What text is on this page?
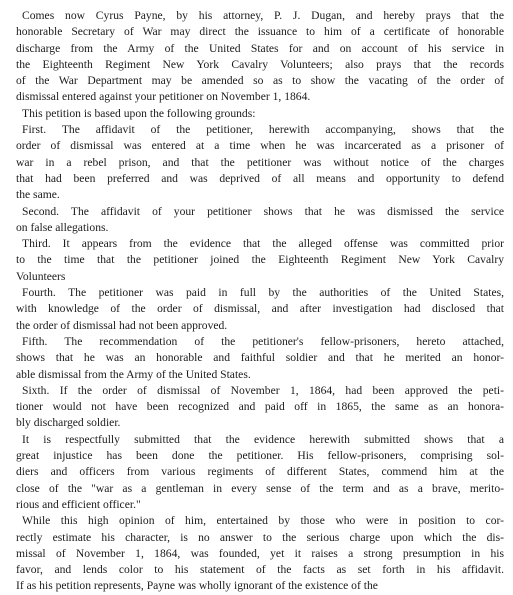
Comes now Cyrus Payne, by his attorney, P. J. Dugan, and hereby prays that the
honorable Secretary of War may direct the issuance to him of a certificate of honorable
discharge from the Army of the United States for and on account of his service in
the Eighteenth Regiment New York Cavalry Volunteers; also prays that the records
of the War Department may be amended so as to show the vacating of the order of
dismissal entered against your petitioner on November 1, 1864.
This petition is based upon the following grounds:
First. The affidavit of the petitioner, herewith accompanying, shows that the
order of dismissal was entered at a time when he was incarcerated as a prisoner of
war in a rebel prison, and that the petitioner was without notice of the charges
that had been preferred and was deprived of all means and opportunity to defend
the same.
Second. The affidavit of your petitioner shows that he was dismissed the service
on false allegations.
Third. It appears from the evidence that the alleged offense was committed prior
to the time that the petitioner joined the Eighteenth Regiment New York Cavalry
Volunteers
Fourth. The petitioner was paid in full by the authorities of the United States,
with knowledge of the order of dismissal, and after investigation had disclosed that
the order of dismissal had not been approved.
Fifth. The recommendation of the petitioner's fellow-prisoners, hereto attached,
shows that he was an honorable and faithful soldier and that he merited an honor-
able dismissal from the Army of the United States.
Sixth. If the order of dismissal of November 1, 1864, had been approved the peti-
tioner would not have been recognized and paid off in 1865, the same as an honora-
bly discharged soldier.
It is respectfully submitted that the evidence herewith submitted shows that a
great injustice has been done the petitioner. His fellow-prisoners, comprising sol-
diers and officers from various regiments of different States, commend him at the
close of the "war as a gentleman in every sense of the term and as a brave, merito-
rious and efficient officer."
While this high opinion of him, entertained by those who were in position to cor-
rectly estimate his character, is no answer to the serious charge upon which the dis-
missal of November 1, 1864, was founded, yet it raises a strong presumption in his
favor, and lends color to his statement of the facts as set forth in his affidavit.
If as his petition represents, Payne was wholly ignorant of the existence of the
